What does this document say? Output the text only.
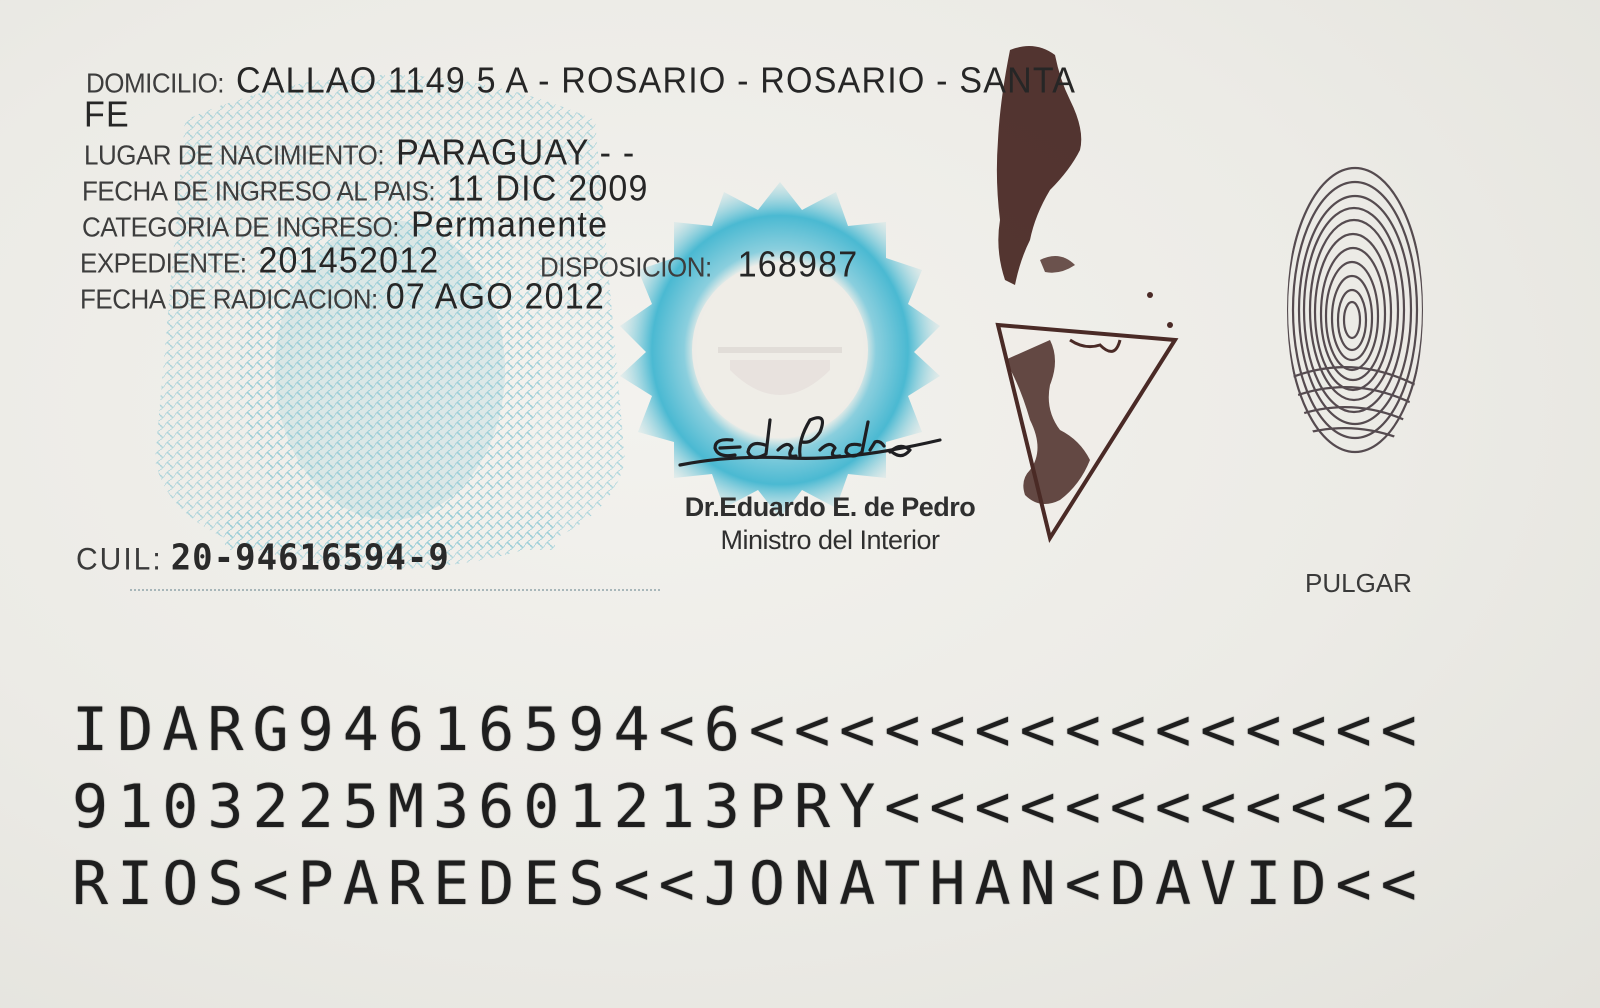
DOMICILIO: CALLAO 1149 5 A - ROSARIO - ROSARIO - SANTA
FE
LUGAR DE NACIMIENTO: PARAGUAY - -
FECHA DE INGRESO AL PAIS: 11 DIC 2009
CATEGORIA DE INGRESO: Permanente
EXPEDIENTE: 201452012	DISPOSICION: 168987
FECHA DE RADICACION: 07 AGO 2012
CUIL: 20-94616594-9
Dr.Eduardo E. de Pedro
Ministro del Interior
PULGAR
IDARG94616594<6<<<<<<<<<<<<<<<
9103225M3601213PRY<<<<<<<<<<<2
RIOS<PAREDES<<JONATHAN<DAVID<<
